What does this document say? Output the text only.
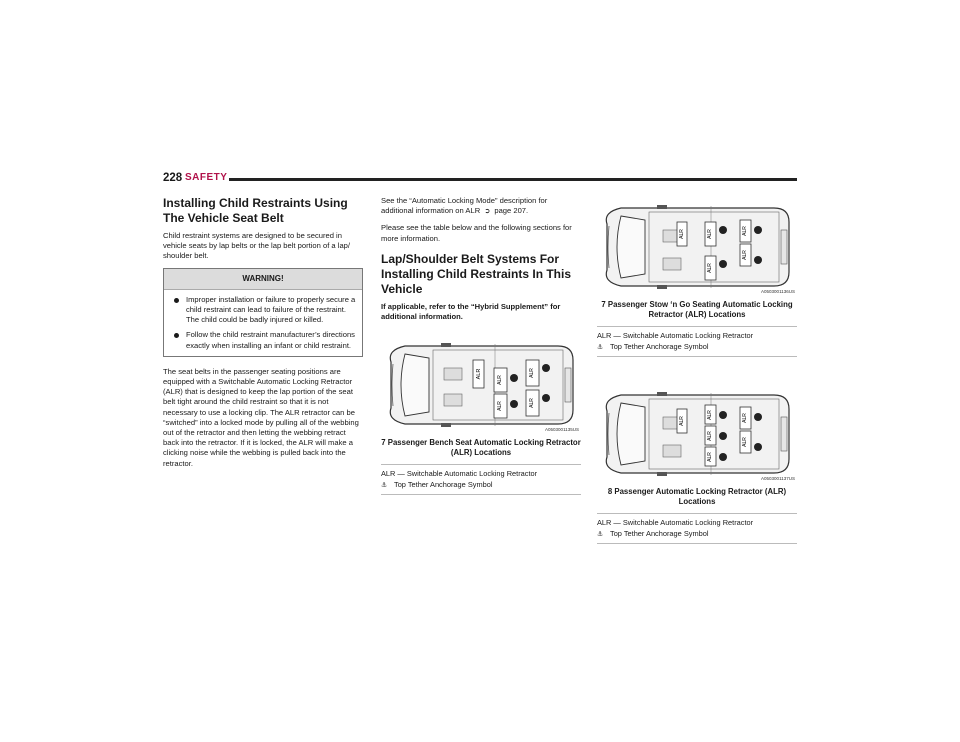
228 SAFETY
Installing Child Restraints Using The Vehicle Seat Belt

Child restraint systems are designed to be secured in vehicle seats by lap belts or the lap belt portion of a lap/ shoulder belt.

WARNING!
Improper installation or failure to properly secure a child restraint can lead to failure of the restraint. The child could be badly injured or killed.
Follow the child restraint manufacturer’s directions exactly when installing an infant or child restraint.

The seat belts in the passenger seating positions are equipped with a Switchable Automatic Locking Retractor (ALR) that is designed to keep the lap portion of the seat belt tight around the child restraint so that it is not necessary to use a locking clip. The ALR retractor can be “switched” into a locked mode by pulling all of the webbing out of the retractor and then letting the webbing retract back into the retractor. If it is locked, the ALR will make a clicking noise while the webbing is pulled back into the retractor.

See the “Automatic Locking Mode” description for additional information on ALR ➲ page 207.

Please see the table below and the following sections for more information.

Lap/Shoulder Belt Systems For Installing Child Restraints In This Vehicle

If applicable, refer to the “Hybrid Supplement” for additional information.

ALR
ALR
ALR
ALR
ALR
A0503001135US
7 Passenger Bench Seat Automatic Locking Retractor (ALR) Locations
ALR — Switchable Automatic Locking Retractor
⚓ Top Tether Anchorage Symbol
ALR	ALR
ALR
ALR
ALR
A0503001136US
7 Passenger Stow ‘n Go Seating Automatic Locking Retractor (ALR) Locations
ALR — Switchable Automatic Locking Retractor
⚓ Top Tether Anchorage Symbol
ALR
ALR
ALR
ALR
ALR
ALR
A0503001137US
8 Passenger Automatic Locking Retractor (ALR) Locations
ALR — Switchable Automatic Locking Retractor
⚓ Top Tether Anchorage Symbol
